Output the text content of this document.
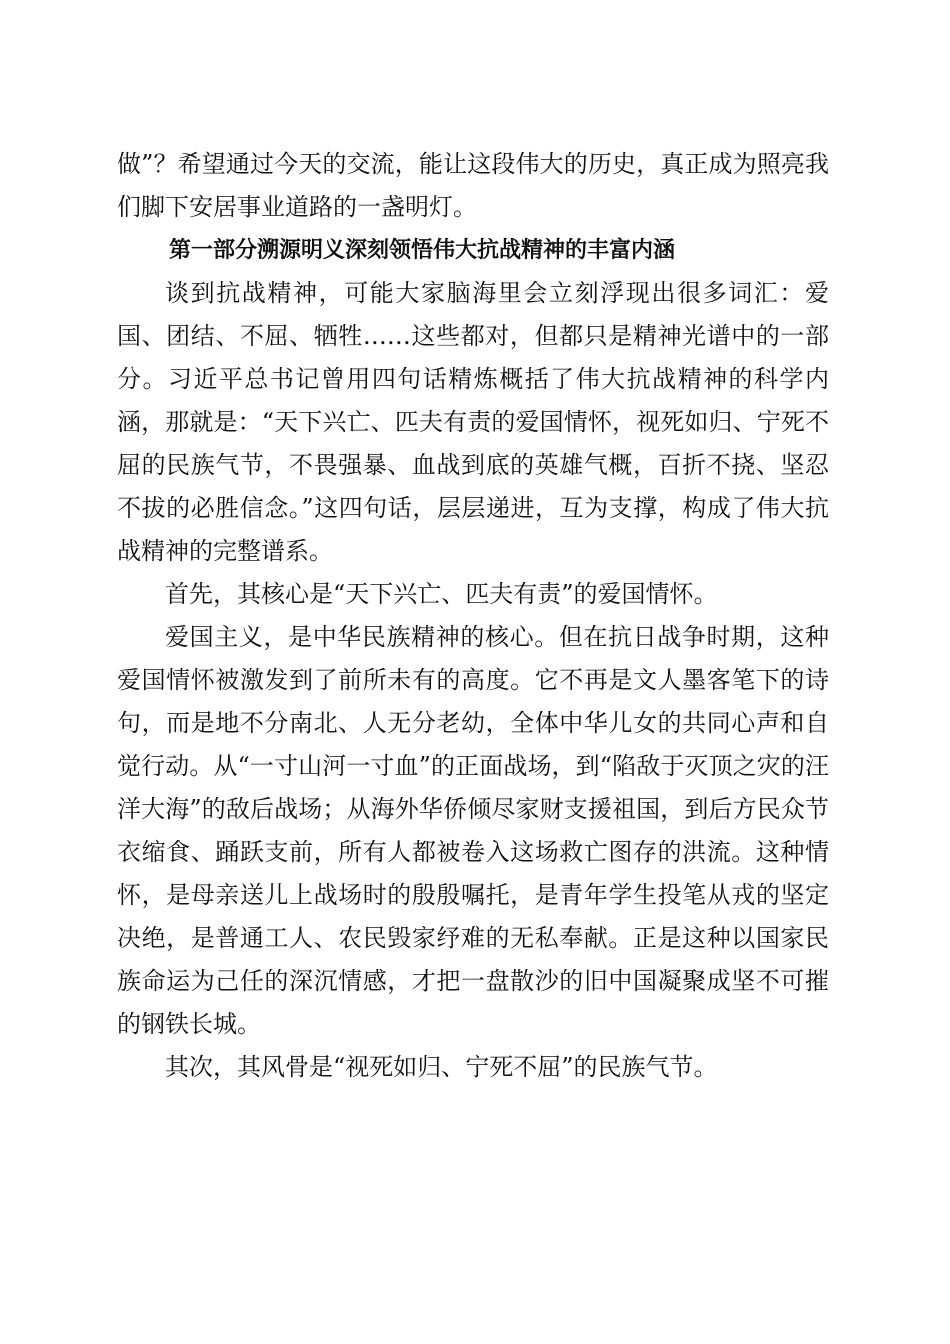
做”？希望通过今天的交流，能让这段伟大的历史，真正成为照亮我们脚下安居事业道路的一盏明灯。

第一部分溯源明义深刻领悟伟大抗战精神的丰富内涵

谈到抗战精神，可能大家脑海里会立刻浮现出很多词汇：爱国、团结、不屈、牺牲……这些都对，但都只是精神光谱中的一部分。习近平总书记曾用四句话精炼概括了伟大抗战精神的科学内涵，那就是：“天下兴亡、匹夫有责的爱国情怀，视死如归、宁死不屈的民族气节，不畏强暴、血战到底的英雄气概，百折不挠、坚忍不拔的必胜信念。”这四句话，层层递进，互为支撑，构成了伟大抗战精神的完整谱系。

首先，其核心是“天下兴亡、匹夫有责”的爱国情怀。

爱国主义，是中华民族精神的核心。但在抗日战争时期，这种爱国情怀被激发到了前所未有的高度。它不再是文人墨客笔下的诗句，而是地不分南北、人无分老幼，全体中华儿女的共同心声和自觉行动。从“一寸山河一寸血”的正面战场，到“陷敌于灭顶之灾的汪洋大海”的敌后战场；从海外华侨倾尽家财支援祖国，到后方民众节衣缩食、踊跃支前，所有人都被卷入这场救亡图存的洪流。这种情怀，是母亲送儿上战场时的殷殷嘱托，是青年学生投笔从戎的坚定决绝，是普通工人、农民毁家纾难的无私奉献。正是这种以国家民族命运为己任的深沉情感，才把一盘散沙的旧中国凝聚成坚不可摧的钢铁长城。

其次，其风骨是“视死如归、宁死不屈”的民族气节。
